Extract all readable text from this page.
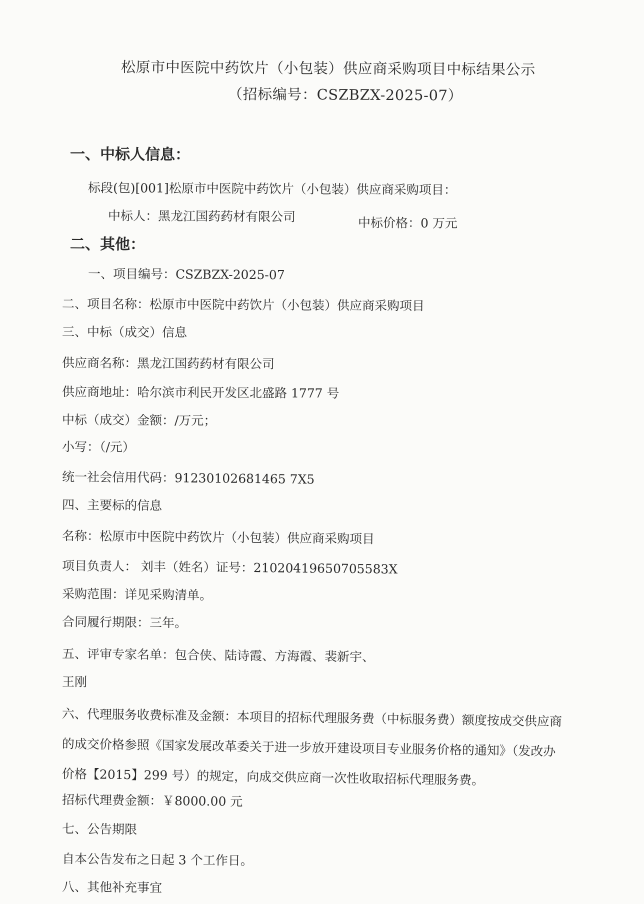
松原市中医院中药饮片（小包装）供应商采购项目中标结果公示
（招标编号：CSZBZX-2025-07）
一、中标人信息：
标段(包)[001]松原市中医院中药饮片（小包装）供应商采购项目：
中标人：黑龙江国药药材有限公司	中标价格：0 万元
二、其他：
一、项目编号：CSZBZX-2025-07
二、项目名称：松原市中医院中药饮片（小包装）供应商采购项目
三、中标（成交）信息
供应商名称：黑龙江国药药材有限公司
供应商地址：哈尔滨市利民开发区北盛路 1777 号
中标（成交）金额：/万元；
小写：（/元）
统一社会信用代码：91230102681465 7X5
四、主要标的信息
名称：松原市中医院中药饮片（小包装）供应商采购项目
项目负责人： 刘丰（姓名）证号：21020419650705583X
采购范围：详见采购清单。
合同履行期限：三年。
五、评审专家名单：包合侠、陆诗霞、方海霞、裴新宇、
王刚
六、代理服务收费标准及金额：本项目的招标代理服务费（中标服务费）额度按成交供应商
的成交价格参照《国家发展改革委关于进一步放开建设项目专业服务价格的通知》（发改办
价格【2015】299 号）的规定，向成交供应商一次性收取招标代理服务费。
招标代理费金额：￥8000.00 元
七、公告期限
自本公告发布之日起 3 个工作日。
八、其他补充事宜
